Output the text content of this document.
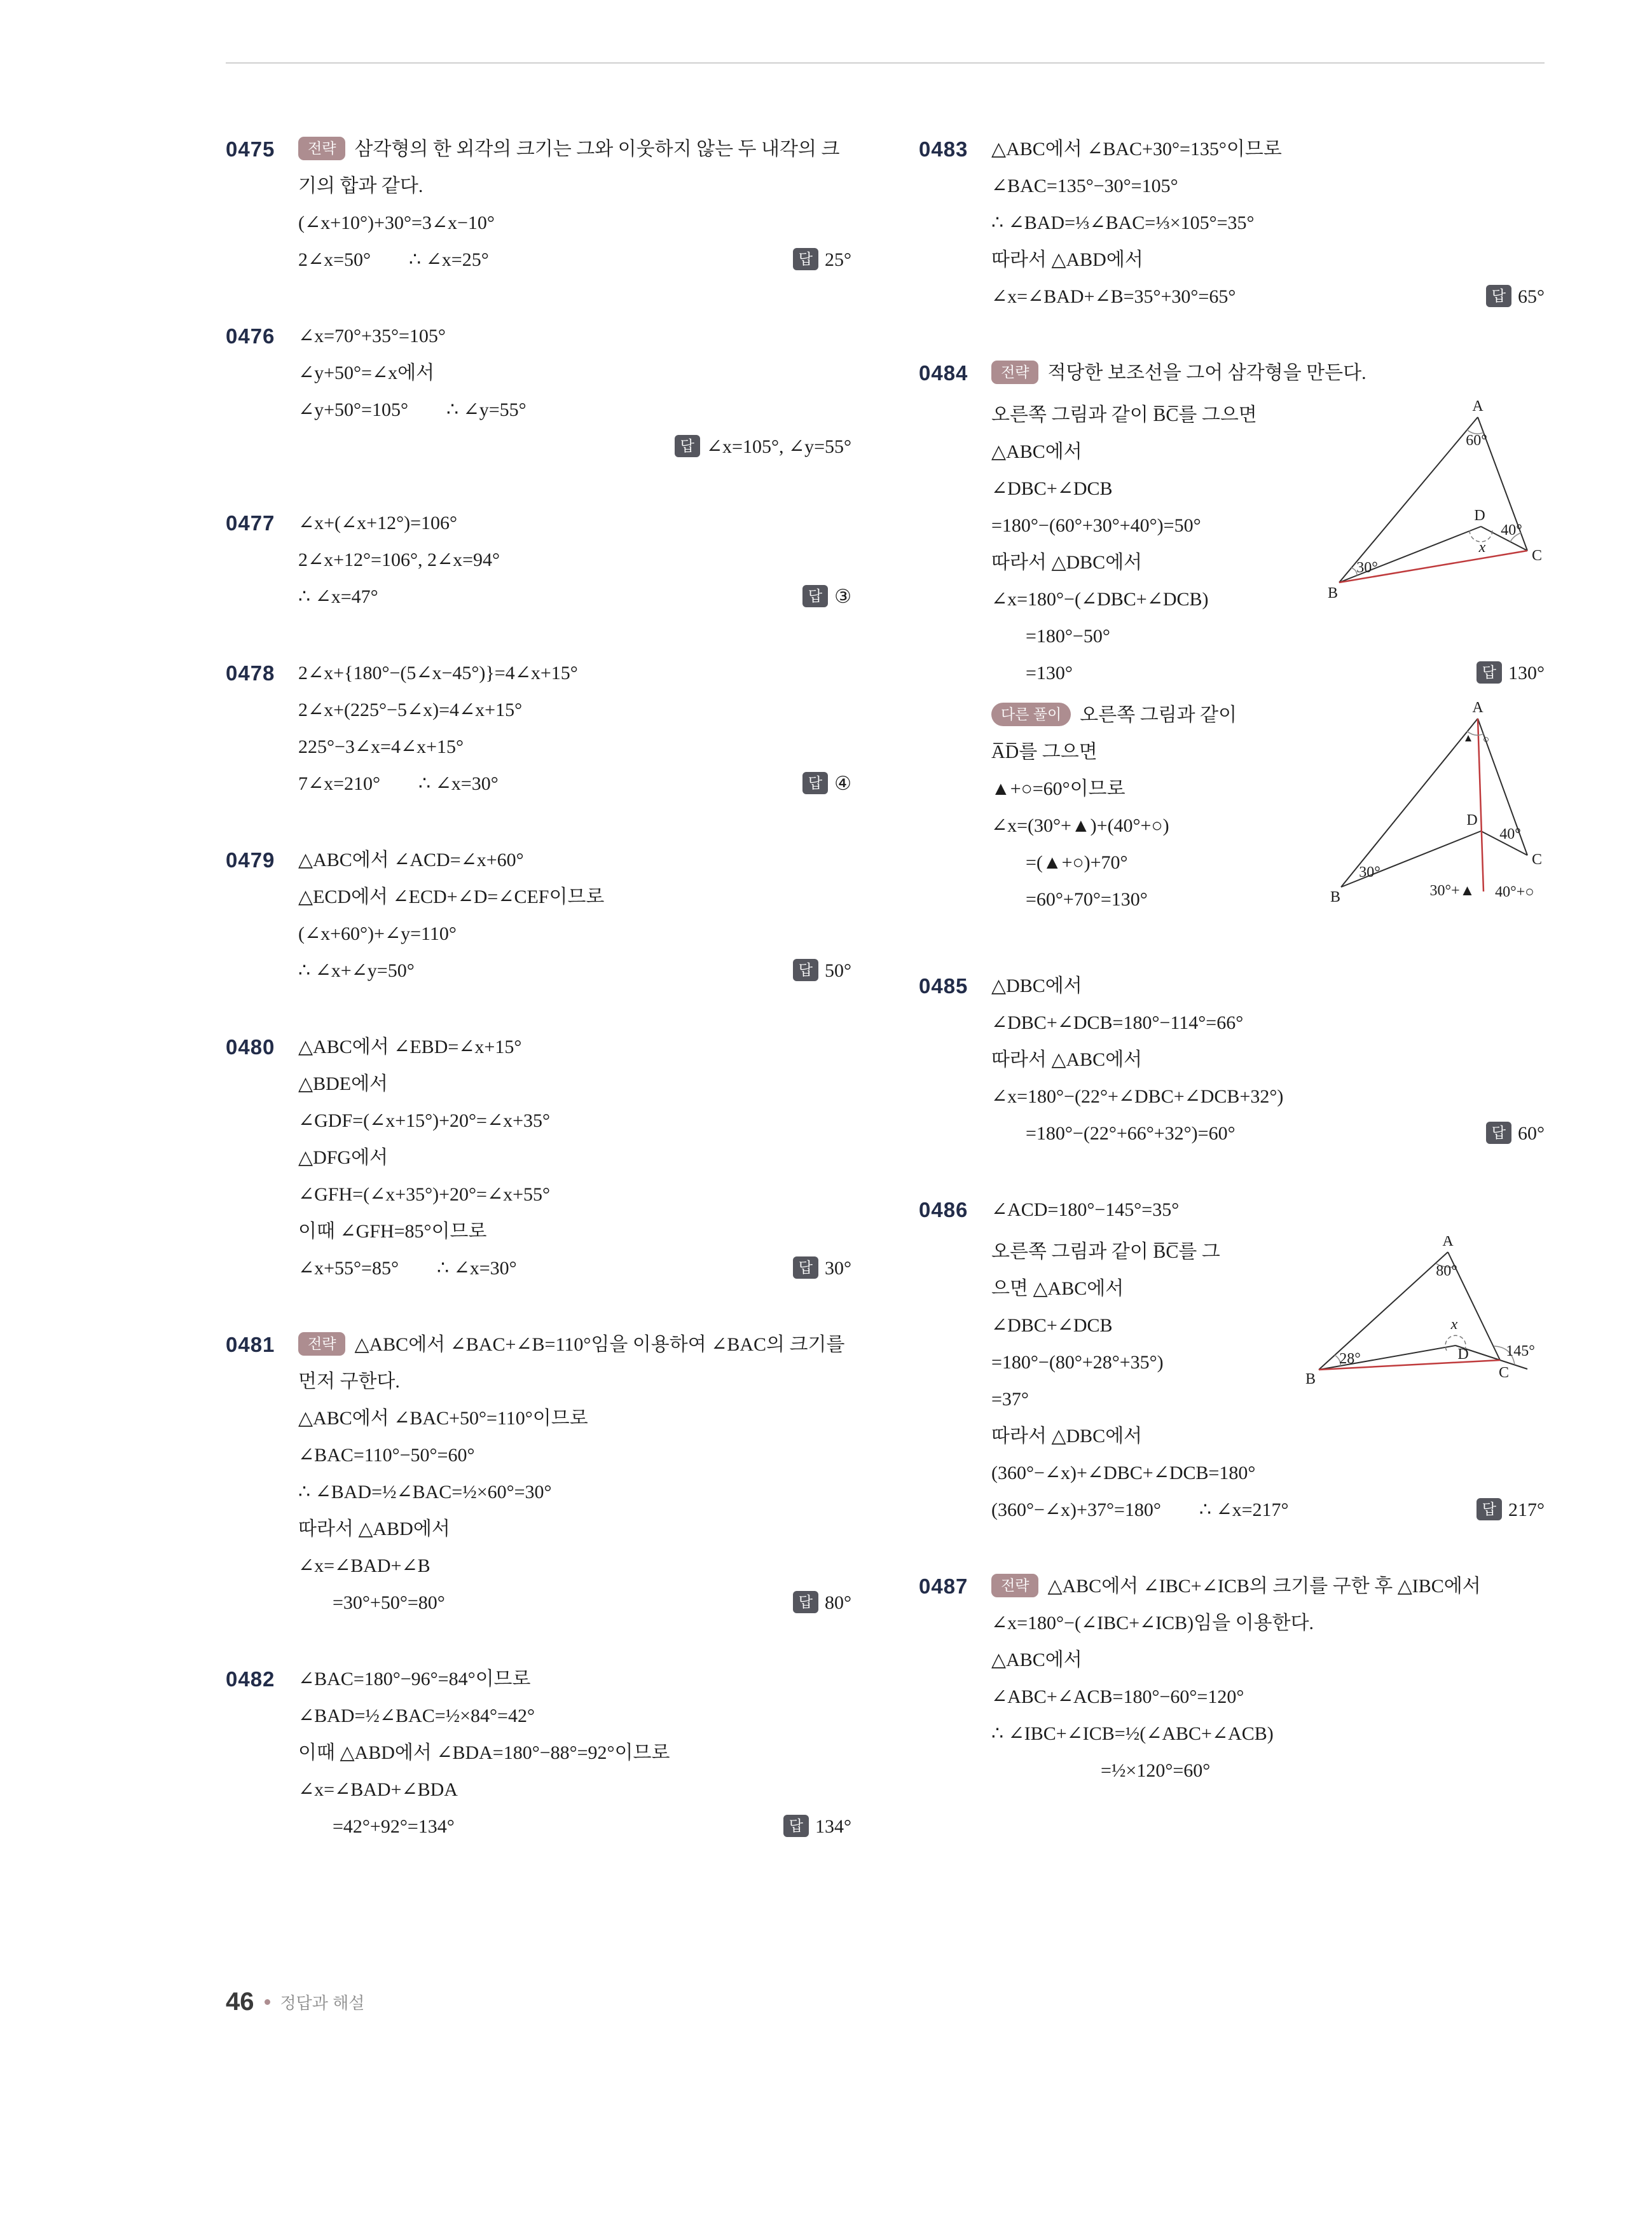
0475	전략 삼각형의 한 외각의 크기는 그와 이웃하지 않는 두 내각의 크기의 합과 같다.
(∠x+10°)+30°=3∠x−10°
답 25°
2∠x=50°  ∴ ∠x=25°
0476	∠x=70°+35°=105°
∠y+50°=∠x에서
∠y+50°=105°  ∴ ∠y=55°
답 ∠x=105°, ∠y=55°
0477	∠x+(∠x+12°)=106°
2∠x+12°=106°, 2∠x=94°
답 ③
∴ ∠x=47°
0478	2∠x+{180°−(5∠x−45°)}=4∠x+15°
2∠x+(225°−5∠x)=4∠x+15°
225°−3∠x=4∠x+15°
답 ④
7∠x=210°  ∴ ∠x=30°
0479	△ABC에서 ∠ACD=∠x+60°
△ECD에서 ∠ECD+∠D=∠CEF이므로
(∠x+60°)+∠y=110°
답 50°
∴ ∠x+∠y=50°
0480	△ABC에서 ∠EBD=∠x+15°
△BDE에서
∠GDF=(∠x+15°)+20°=∠x+35°
△DFG에서
∠GFH=(∠x+35°)+20°=∠x+55°
이때 ∠GFH=85°이므로
답 30°
∠x+55°=85°  ∴ ∠x=30°
0481	전략 △ABC에서 ∠BAC+∠B=110°임을 이용하여 ∠BAC의 크기를 먼저 구한다.
△ABC에서 ∠BAC+50°=110°이므로
∠BAC=110°−50°=60°
∴ ∠BAD=½∠BAC=½×60°=30°
따라서 △ABD에서
∠x=∠BAD+∠B
답 80°
=30°+50°=80°
0482	∠BAC=180°−96°=84°이므로
∠BAD=½∠BAC=½×84°=42°
이때 △ABD에서 ∠BDA=180°−88°=92°이므로
∠x=∠BAD+∠BDA
답 134°
=42°+92°=134°
0483	△ABC에서 ∠BAC+30°=135°이므로
∠BAC=135°−30°=105°
∴ ∠BAD=⅓∠BAC=⅓×105°=35°
따라서 △ABD에서
답 65°
∠x=∠BAD+∠B=35°+30°=65°
0484	전략 적당한 보조선을 그어 삼각형을 만든다.
A
60°
D
40°
x
30°
B
C
오른쪽 그림과 같이 B̅C̅를 그으면
△ABC에서
∠DBC+∠DCB
=180°−(60°+30°+40°)=50°
따라서 △DBC에서
∠x=180°−(∠DBC+∠DCB)
=180°−50°
답 130°
=130°
A
▲ ○
D
40°
30°
B	30°+▲ 40°+○
C
다른 풀이 오른쪽 그림과 같이
A̅D̅를 그으면
▲+○=60°이므로
∠x=(30°+▲)+(40°+○)
=(▲+○)+70°
=60°+70°=130°
0485	△DBC에서
∠DBC+∠DCB=180°−114°=66°
따라서 △ABC에서
∠x=180°−(22°+∠DBC+∠DCB+32°)
답 60°
=180°−(22°+66°+32°)=60°
0486	∠ACD=180°−145°=35°
A
80°
x
28°	D
B	C
145°
오른쪽 그림과 같이 B̅C̅를 그
으면 △ABC에서
∠DBC+∠DCB
=180°−(80°+28°+35°)
=37°
따라서 △DBC에서
(360°−∠x)+∠DBC+∠DCB=180°
답 217°
(360°−∠x)+37°=180°  ∴ ∠x=217°
0487	전략 △ABC에서 ∠IBC+∠ICB의 크기를 구한 후 △IBC에서 ∠x=180°−(∠IBC+∠ICB)임을 이용한다.
△ABC에서
∠ABC+∠ACB=180°−60°=120°
∴ ∠IBC+∠ICB=½(∠ABC+∠ACB)
=½×120°=60°
46 정답과 해설
